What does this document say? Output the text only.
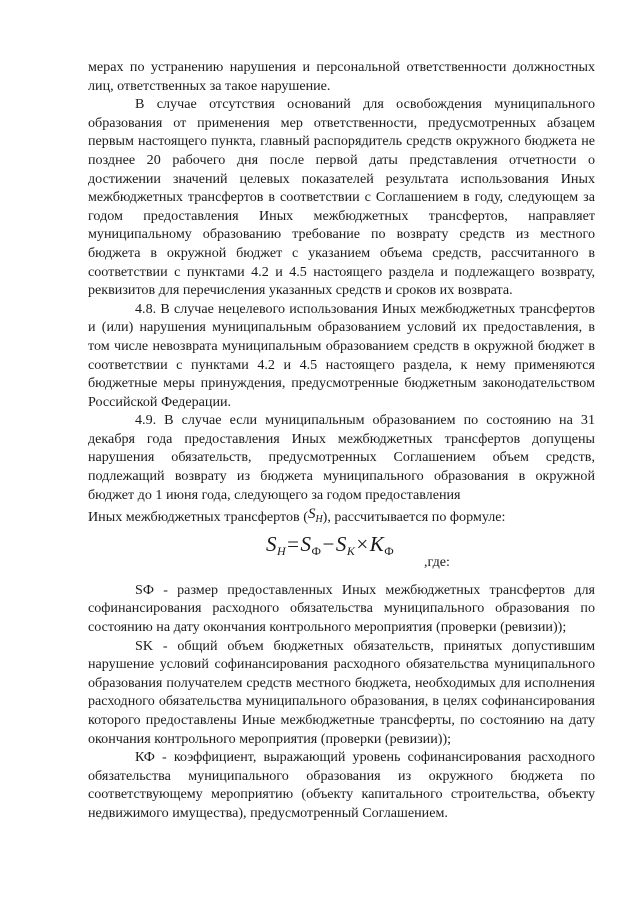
мерах по устранению нарушения и персональной ответственности должностных лиц, ответственных за такое нарушение.

В случае отсутствия оснований для освобождения муниципального образования от применения мер ответственности, предусмотренных абзацем первым настоящего пункта, главный распорядитель средств окружного бюджета не позднее 20 рабочего дня после первой даты представления отчетности о достижении значений целевых показателей результата использования Иных межбюджетных трансфертов в соответствии с Соглашением в году, следующем за годом предоставления Иных межбюджетных трансфертов, направляет муниципальному образованию требование по возврату средств из местного бюджета в окружной бюджет с указанием объема средств, рассчитанного в соответствии с пунктами 4.2 и 4.5 настоящего раздела и подлежащего возврату, реквизитов для перечисления указанных средств и сроков их возврата.

4.8. В случае нецелевого использования Иных межбюджетных трансфертов и (или) нарушения муниципальным образованием условий их предоставления, в том числе невозврата муниципальным образованием средств в окружной бюджет в соответствии с пунктами 4.2 и 4.5 настоящего раздела, к нему применяются бюджетные меры принуждения, предусмотренные бюджетным законодательством Российской Федерации.

4.9. В случае если муниципальным образованием по состоянию на 31 декабря года предоставления Иных межбюджетных трансфертов допущены нарушения обязательств, предусмотренных Соглашением объем средств, подлежащий возврату из бюджета муниципального образования в окружной бюджет до 1 июня года, следующего за годом предоставления

Иных межбюджетных трансфертов $(S_H)$, рассчитывается по формуле:

$S_H=S_Ф-S_K\times K_Ф$
,где:

SФ - размер предоставленных Иных межбюджетных трансфертов для софинансирования расходного обязательства муниципального образования по состоянию на дату окончания контрольного мероприятия (проверки (ревизии));

SK - общий объем бюджетных обязательств, принятых допустившим нарушение условий софинансирования расходного обязательства муниципального образования получателем средств местного бюджета, необходимых для исполнения расходного обязательства муниципального образования, в целях софинансирования которого предоставлены Иные межбюджетные трансферты, по состоянию на дату окончания контрольного мероприятия (проверки (ревизии));

КФ - коэффициент, выражающий уровень софинансирования расходного обязательства муниципального образования из окружного бюджета по соответствующему мероприятию (объекту капитального строительства, объекту недвижимого имущества), предусмотренный Соглашением.
